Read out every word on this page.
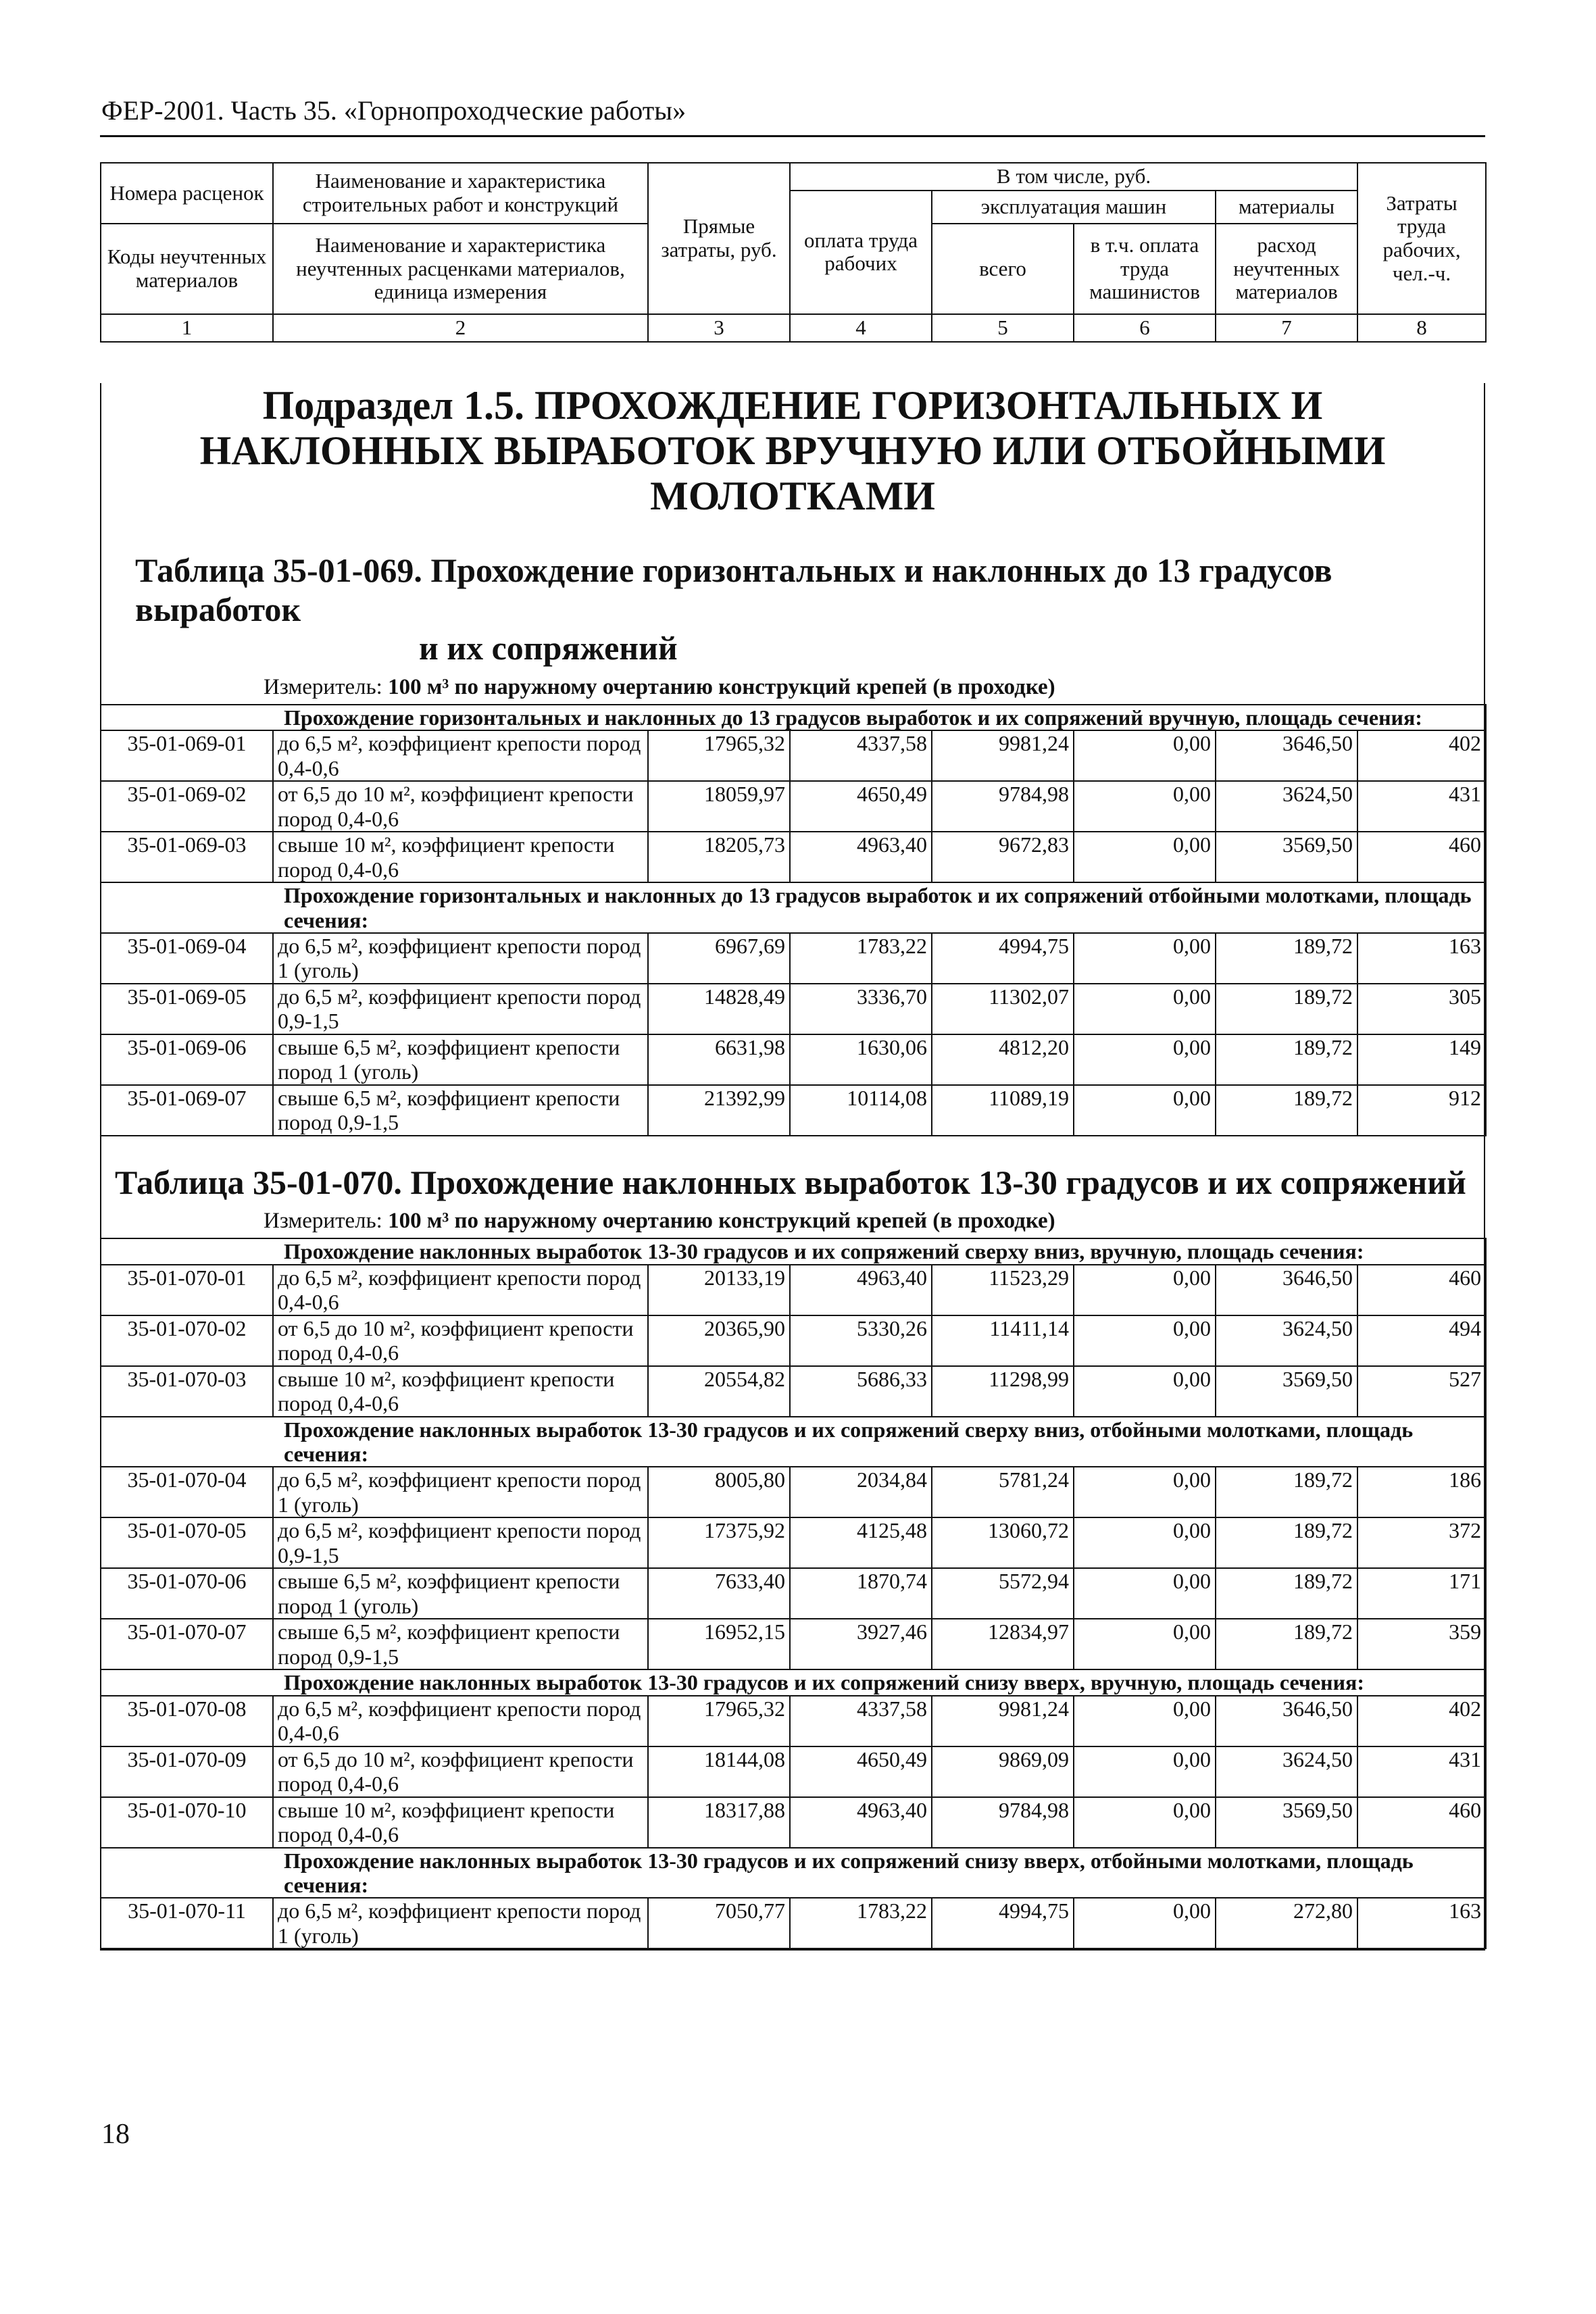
ФЕР-2001. Часть 35. «Горнопроходческие работы»
Номера расценок	Наименование и характеристика строительных работ и конструкций	Прямые затраты, руб.	В том числе, руб.				Затраты труда рабочих, чел.-ч.
			оплата труда рабочих	эксплуатация машин		материалы	
Коды неучтенных материалов	Наименование и характеристика неучтенных расценками материалов, единица измерения			всего	в т.ч. оплата труда машинистов	расход неучтенных материалов	

1	2	3	4	5	6	7	8
Подраздел 1.5. ПРОХОЖДЕНИЕ ГОРИЗОНТАЛЬНЫХ И НАКЛОННЫХ ВЫРАБОТОК ВРУЧНУЮ ИЛИ ОТБОЙНЫМИ МОЛОТКАМИ
Таблица 35-01-069. Прохождение горизонтальных и наклонных до 13 градусов выработок
и их сопряжений
Измеритель: 100 м³ по наружному очертанию конструкций крепей (в проходке)
Прохождение горизонтальных и наклонных до 13 градусов выработок и их сопряжений вручную, площадь сечения:							
35-01-069-01	до 6,5 м², коэффициент крепости пород 0,4-0,6	17965,32	4337,58	9981,24	0,00	3646,50	402
35-01-069-02	от 6,5 до 10 м², коэффициент крепости пород 0,4-0,6	18059,97	4650,49	9784,98	0,00	3624,50	431
35-01-069-03	свыше 10 м², коэффициент крепости пород 0,4-0,6	18205,73	4963,40	9672,83	0,00	3569,50	460
Прохождение горизонтальных и наклонных до 13 градусов выработок и их сопряжений отбойными молотками, площадь сечения:							
35-01-069-04	до 6,5 м², коэффициент крепости пород 1 (уголь)	6967,69	1783,22	4994,75	0,00	189,72	163
35-01-069-05	до 6,5 м², коэффициент крепости пород 0,9-1,5	14828,49	3336,70	11302,07	0,00	189,72	305
35-01-069-06	свыше 6,5 м², коэффициент крепости пород 1 (уголь)	6631,98	1630,06	4812,20	0,00	189,72	149
35-01-069-07	свыше 6,5 м², коэффициент крепости пород 0,9-1,5	21392,99	10114,08	11089,19	0,00	189,72	912
Таблица 35-01-070. Прохождение наклонных выработок 13-30 градусов и их сопряжений
Измеритель: 100 м³ по наружному очертанию конструкций крепей (в проходке)
Прохождение наклонных выработок 13-30 градусов и их сопряжений сверху вниз, вручную, площадь сечения:							
35-01-070-01	до 6,5 м², коэффициент крепости пород 0,4-0,6	20133,19	4963,40	11523,29	0,00	3646,50	460
35-01-070-02	от 6,5 до 10 м², коэффициент крепости пород 0,4-0,6	20365,90	5330,26	11411,14	0,00	3624,50	494
35-01-070-03	свыше 10 м², коэффициент крепости пород 0,4-0,6	20554,82	5686,33	11298,99	0,00	3569,50	527
Прохождение наклонных выработок 13-30 градусов и их сопряжений сверху вниз, отбойными молотками, площадь сечения:							
35-01-070-04	до 6,5 м², коэффициент крепости пород 1 (уголь)	8005,80	2034,84	5781,24	0,00	189,72	186
35-01-070-05	до 6,5 м², коэффициент крепости пород 0,9-1,5	17375,92	4125,48	13060,72	0,00	189,72	372
35-01-070-06	свыше 6,5 м², коэффициент крепости пород 1 (уголь)	7633,40	1870,74	5572,94	0,00	189,72	171
35-01-070-07	свыше 6,5 м², коэффициент крепости пород 0,9-1,5	16952,15	3927,46	12834,97	0,00	189,72	359
Прохождение наклонных выработок 13-30 градусов и их сопряжений снизу вверх, вручную, площадь сечения:							
35-01-070-08	до 6,5 м², коэффициент крепости пород 0,4-0,6	17965,32	4337,58	9981,24	0,00	3646,50	402
35-01-070-09	от 6,5 до 10 м², коэффициент крепости пород 0,4-0,6	18144,08	4650,49	9869,09	0,00	3624,50	431
35-01-070-10	свыше 10 м², коэффициент крепости пород 0,4-0,6	18317,88	4963,40	9784,98	0,00	3569,50	460
Прохождение наклонных выработок 13-30 градусов и их сопряжений снизу вверх, отбойными молотками, площадь сечения:							
35-01-070-11	до 6,5 м², коэффициент крепости пород 1 (уголь)	7050,77	1783,22	4994,75	0,00	272,80	163
18
